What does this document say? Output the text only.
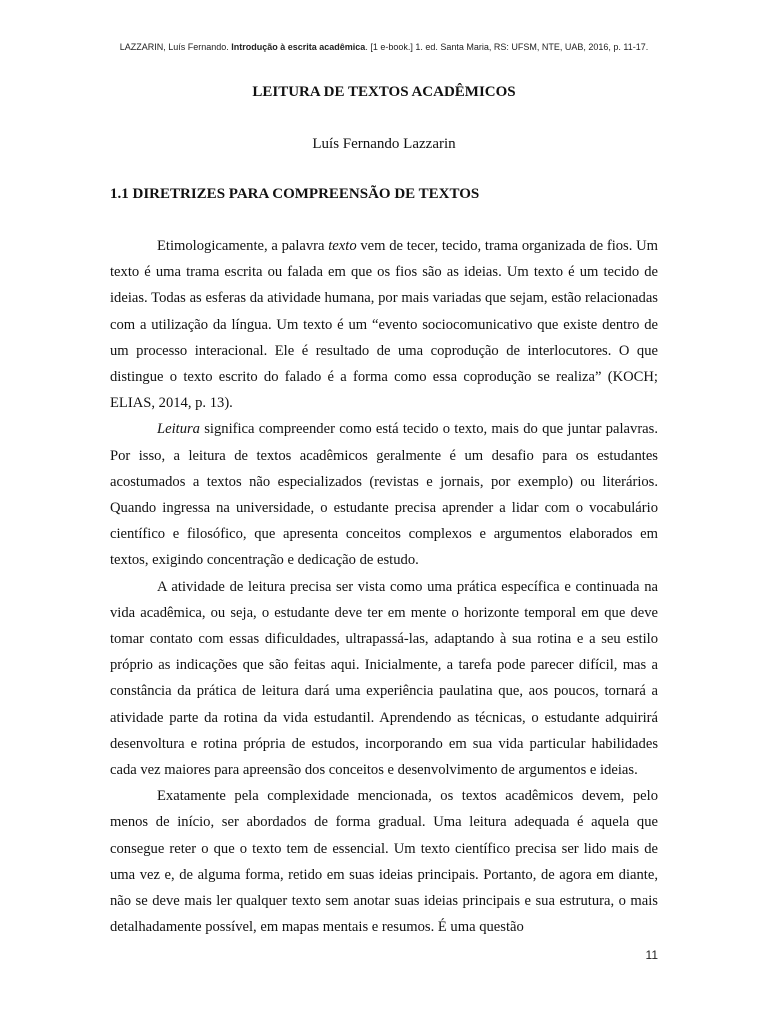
LAZZARIN, Luís Fernando. Introdução à escrita acadêmica. [1 e-book.] 1. ed. Santa Maria, RS: UFSM, NTE, UAB, 2016, p. 11-17.
LEITURA DE TEXTOS ACADÊMICOS
Luís Fernando Lazzarin
1.1 DIRETRIZES PARA COMPREENSÃO DE TEXTOS

Etimologicamente, a palavra texto vem de tecer, tecido, trama organizada de fios. Um texto é uma trama escrita ou falada em que os fios são as ideias. Um texto é um tecido de ideias. Todas as esferas da atividade humana, por mais variadas que sejam, estão relacionadas com a utilização da língua. Um texto é um “evento sociocomunicativo que existe dentro de um processo interacional. Ele é resultado de uma coprodução de interlocutores. O que distingue o texto escrito do falado é a forma como essa coprodução se realiza” (KOCH; ELIAS, 2014, p. 13).

Leitura significa compreender como está tecido o texto, mais do que juntar palavras. Por isso, a leitura de textos acadêmicos geralmente é um desafio para os estudantes acostumados a textos não especializados (revistas e jornais, por exemplo) ou literários. Quando ingressa na universidade, o estudante precisa aprender a lidar com o vocabulário científico e filosófico, que apresenta conceitos complexos e argumentos elaborados em textos, exigindo concentração e dedicação de estudo.

A atividade de leitura precisa ser vista como uma prática específica e continuada na vida acadêmica, ou seja, o estudante deve ter em mente o horizonte temporal em que deve tomar contato com essas dificuldades, ultrapassá-las, adaptando à sua rotina e a seu estilo próprio as indicações que são feitas aqui. Inicialmente, a tarefa pode parecer difícil, mas a constância da prática de leitura dará uma experiência paulatina que, aos poucos, tornará a atividade parte da rotina da vida estudantil. Aprendendo as técnicas, o estudante adquirirá desenvoltura e rotina própria de estudos, incorporando em sua vida particular habilidades cada vez maiores para apreensão dos conceitos e desenvolvimento de argumentos e ideias.

Exatamente pela complexidade mencionada, os textos acadêmicos devem, pelo menos de início, ser abordados de forma gradual. Uma leitura adequada é aquela que consegue reter o que o texto tem de essencial. Um texto científico precisa ser lido mais de uma vez e, de alguma forma, retido em suas ideias principais. Portanto, de agora em diante, não se deve mais ler qualquer texto sem anotar suas ideias principais e sua estrutura, o mais detalhadamente possível, em mapas mentais e resumos. É uma questão

11
